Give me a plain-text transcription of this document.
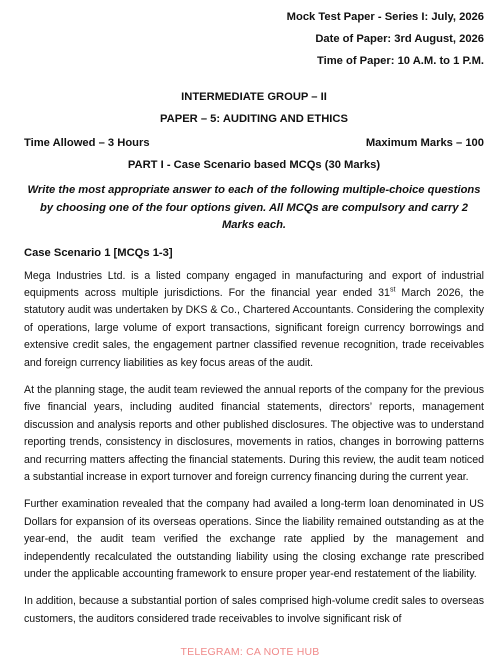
Mock Test Paper - Series I: July, 2026
Date of Paper: 3rd August, 2026
Time of Paper: 10 A.M. to 1 P.M.
INTERMEDIATE GROUP – II
PAPER – 5: AUDITING AND ETHICS
Time Allowed – 3 Hours	Maximum Marks – 100
PART I - Case Scenario based MCQs (30 Marks)
Write the most appropriate answer to each of the following multiple-choice questions by choosing one of the four options given. All MCQs are compulsory and carry 2 Marks each.
Case Scenario 1 [MCQs 1-3]

Mega Industries Ltd. is a listed company engaged in manufacturing and export of industrial equipments across multiple jurisdictions. For the financial year ended 31st March 2026, the statutory audit was undertaken by DKS & Co., Chartered Accountants. Considering the complexity of operations, large volume of export transactions, significant foreign currency borrowings and extensive credit sales, the engagement partner classified revenue recognition, trade receivables and foreign currency liabilities as key focus areas of the audit.

At the planning stage, the audit team reviewed the annual reports of the company for the previous five financial years, including audited financial statements, directors’ reports, management discussion and analysis reports and other published disclosures. The objective was to understand reporting trends, consistency in disclosures, movements in ratios, changes in borrowing patterns and recurring matters affecting the financial statements. During this review, the audit team noticed a substantial increase in export turnover and foreign currency financing during the current year.

Further examination revealed that the company had availed a long-term loan denominated in US Dollars for expansion of its overseas operations. Since the liability remained outstanding as at the year-end, the audit team verified the exchange rate applied by the management and independently recalculated the outstanding liability using the closing exchange rate prescribed under the applicable accounting framework to ensure proper year-end restatement of the liability.

In addition, because a substantial portion of sales comprised high-volume credit sales to overseas customers, the auditors considered trade receivables to involve significant risk of

TELEGRAM: CA NOTE HUB
